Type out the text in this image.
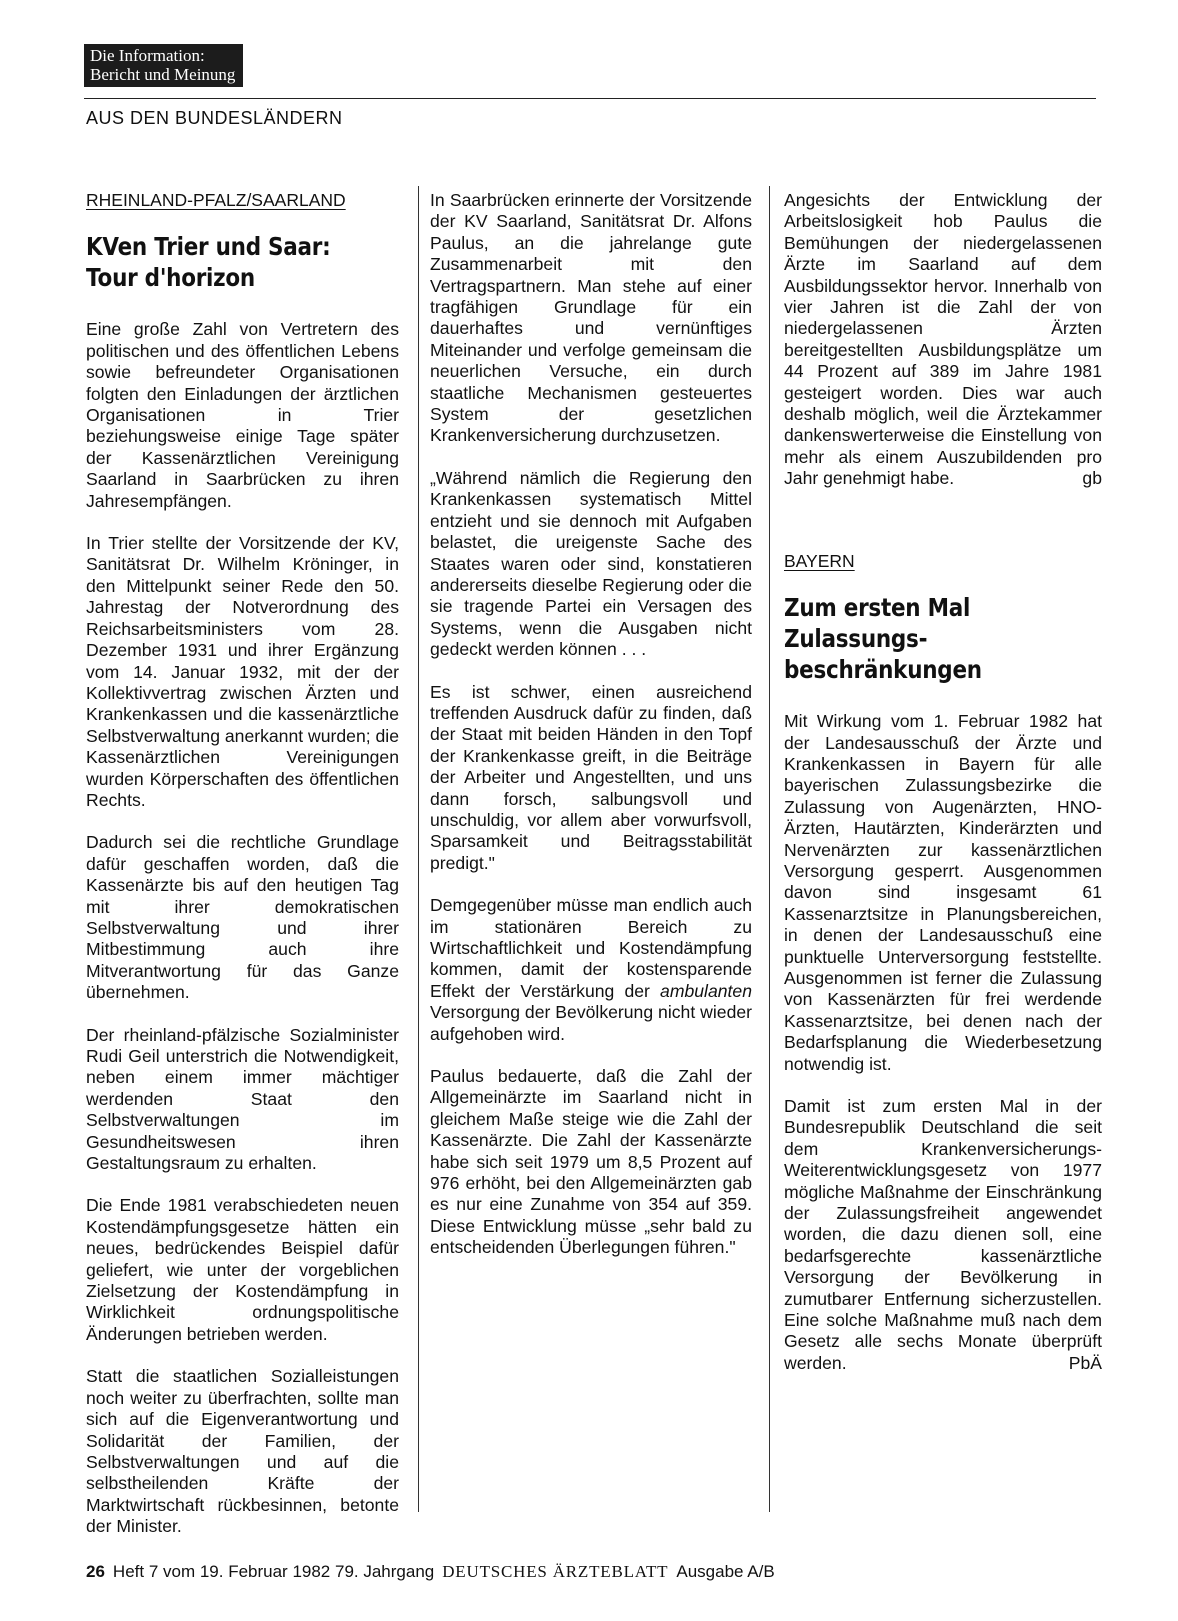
Die Information:
Bericht und Meinung
AUS DEN BUNDESLÄNDERN
RHEINLAND-PFALZ/SAARLAND
KVen Trier und Saar:
Tour d'horizon

Eine große Zahl von Vertretern des politischen und des öffentlichen Lebens sowie befreundeter Organisationen folgten den Einladungen der ärztlichen Organisationen in Trier beziehungsweise einige Tage später der Kassenärztlichen Vereinigung Saarland in Saarbrücken zu ihren Jahresempfängen.

In Trier stellte der Vorsitzende der KV, Sanitätsrat Dr. Wilhelm Kröninger, in den Mittelpunkt seiner Rede den 50. Jahrestag der Notverordnung des Reichsarbeitsministers vom 28. Dezember 1931 und ihrer Ergänzung vom 14. Januar 1932, mit der der Kollektivvertrag zwischen Ärzten und Krankenkassen und die kassenärztliche Selbstverwaltung anerkannt wurden; die Kassenärztlichen Vereinigungen wurden Körperschaften des öffentlichen Rechts.

Dadurch sei die rechtliche Grundlage dafür geschaffen worden, daß die Kassenärzte bis auf den heutigen Tag mit ihrer demokratischen Selbstverwaltung und ihrer Mitbestimmung auch ihre Mitverantwortung für das Ganze übernehmen.

Der rheinland-pfälzische Sozialminister Rudi Geil unterstrich die Notwendigkeit, neben einem immer mächtiger werdenden Staat den Selbstverwaltungen im Gesundheitswesen ihren Gestaltungsraum zu erhalten.

Die Ende 1981 verabschiedeten neuen Kostendämpfungsgesetze hätten ein neues, bedrückendes Beispiel dafür geliefert, wie unter der vorgeblichen Zielsetzung der Kostendämpfung in Wirklichkeit ordnungspolitische Änderungen betrieben werden.

Statt die staatlichen Sozialleistungen noch weiter zu überfrachten, sollte man sich auf die Eigenverantwortung und Solidarität der Familien, der Selbstverwaltungen und auf die selbstheilenden Kräfte der Marktwirtschaft rückbesinnen, betonte der Minister.

In Saarbrücken erinnerte der Vorsitzende der KV Saarland, Sanitätsrat Dr. Alfons Paulus, an die jahrelange gute Zusammenarbeit mit den Vertragspartnern. Man stehe auf einer tragfähigen Grundlage für ein dauerhaftes und vernünftiges Miteinander und verfolge gemeinsam die neuerlichen Versuche, ein durch staatliche Mechanismen gesteuertes System der gesetzlichen Krankenversicherung durchzusetzen.

„Während nämlich die Regierung den Krankenkassen systematisch Mittel entzieht und sie dennoch mit Aufgaben belastet, die ureigenste Sache des Staates waren oder sind, konstatieren andererseits dieselbe Regierung oder die sie tragende Partei ein Versagen des Systems, wenn die Ausgaben nicht gedeckt werden können . . .

Es ist schwer, einen ausreichend treffenden Ausdruck dafür zu finden, daß der Staat mit beiden Händen in den Topf der Krankenkasse greift, in die Beiträge der Arbeiter und Angestellten, und uns dann forsch, salbungsvoll und unschuldig, vor allem aber vorwurfsvoll, Sparsamkeit und Beitragsstabilität predigt."

Demgegenüber müsse man endlich auch im stationären Bereich zu Wirtschaftlichkeit und Kostendämpfung kommen, damit der kostensparende Effekt der Verstärkung der ambulanten Versorgung der Bevölkerung nicht wieder aufgehoben wird.

Paulus bedauerte, daß die Zahl der Allgemeinärzte im Saarland nicht in gleichem Maße steige wie die Zahl der Kassenärzte. Die Zahl der Kassenärzte habe sich seit 1979 um 8,5 Prozent auf 976 erhöht, bei den Allgemeinärzten gab es nur eine Zunahme von 354 auf 359. Diese Entwicklung müsse „sehr bald zu entscheidenden Überlegungen führen."

Angesichts der Entwicklung der Arbeitslosigkeit hob Paulus die Bemühungen der niedergelassenen Ärzte im Saarland auf dem Ausbildungssektor hervor. Innerhalb von vier Jahren ist die Zahl der von niedergelassenen Ärzten bereitgestellten Ausbildungsplätze um 44 Prozent auf 389 im Jahre 1981 gesteigert worden. Dies war auch deshalb möglich, weil die Ärztekammer dankenswerterweise die Einstellung von mehr als einem Auszubildenden pro Jahr genehmigt habe.	gb

BAYERN
Zum ersten Mal
Zulassungs-
beschränkungen

Mit Wirkung vom 1. Februar 1982 hat der Landesausschuß der Ärzte und Krankenkassen in Bayern für alle bayerischen Zulassungsbezirke die Zulassung von Augenärzten, HNO-Ärzten, Hautärzten, Kinderärzten und Nervenärzten zur kassenärztlichen Versorgung gesperrt. Ausgenommen davon sind insgesamt 61 Kassenarztsitze in Planungsbereichen, in denen der Landesausschuß eine punktuelle Unterversorgung feststellte. Ausgenommen ist ferner die Zulassung von Kassenärzten für frei werdende Kassenarztsitze, bei denen nach der Bedarfsplanung die Wiederbesetzung notwendig ist.

Damit ist zum ersten Mal in der Bundesrepublik Deutschland die seit dem Krankenversicherungs-Weiterentwicklungsgesetz von 1977 mögliche Maßnahme der Einschränkung der Zulassungsfreiheit angewendet worden, die dazu dienen soll, eine bedarfsgerechte kassenärztliche Versorgung der Bevölkerung in zumutbarer Entfernung sicherzustellen. Eine solche Maßnahme muß nach dem Gesetz alle sechs Monate überprüft werden.	PbÄ

26 Heft 7 vom 19. Februar 1982 79. Jahrgang DEUTSCHES ÄRZTEBLATT Ausgabe A/B
